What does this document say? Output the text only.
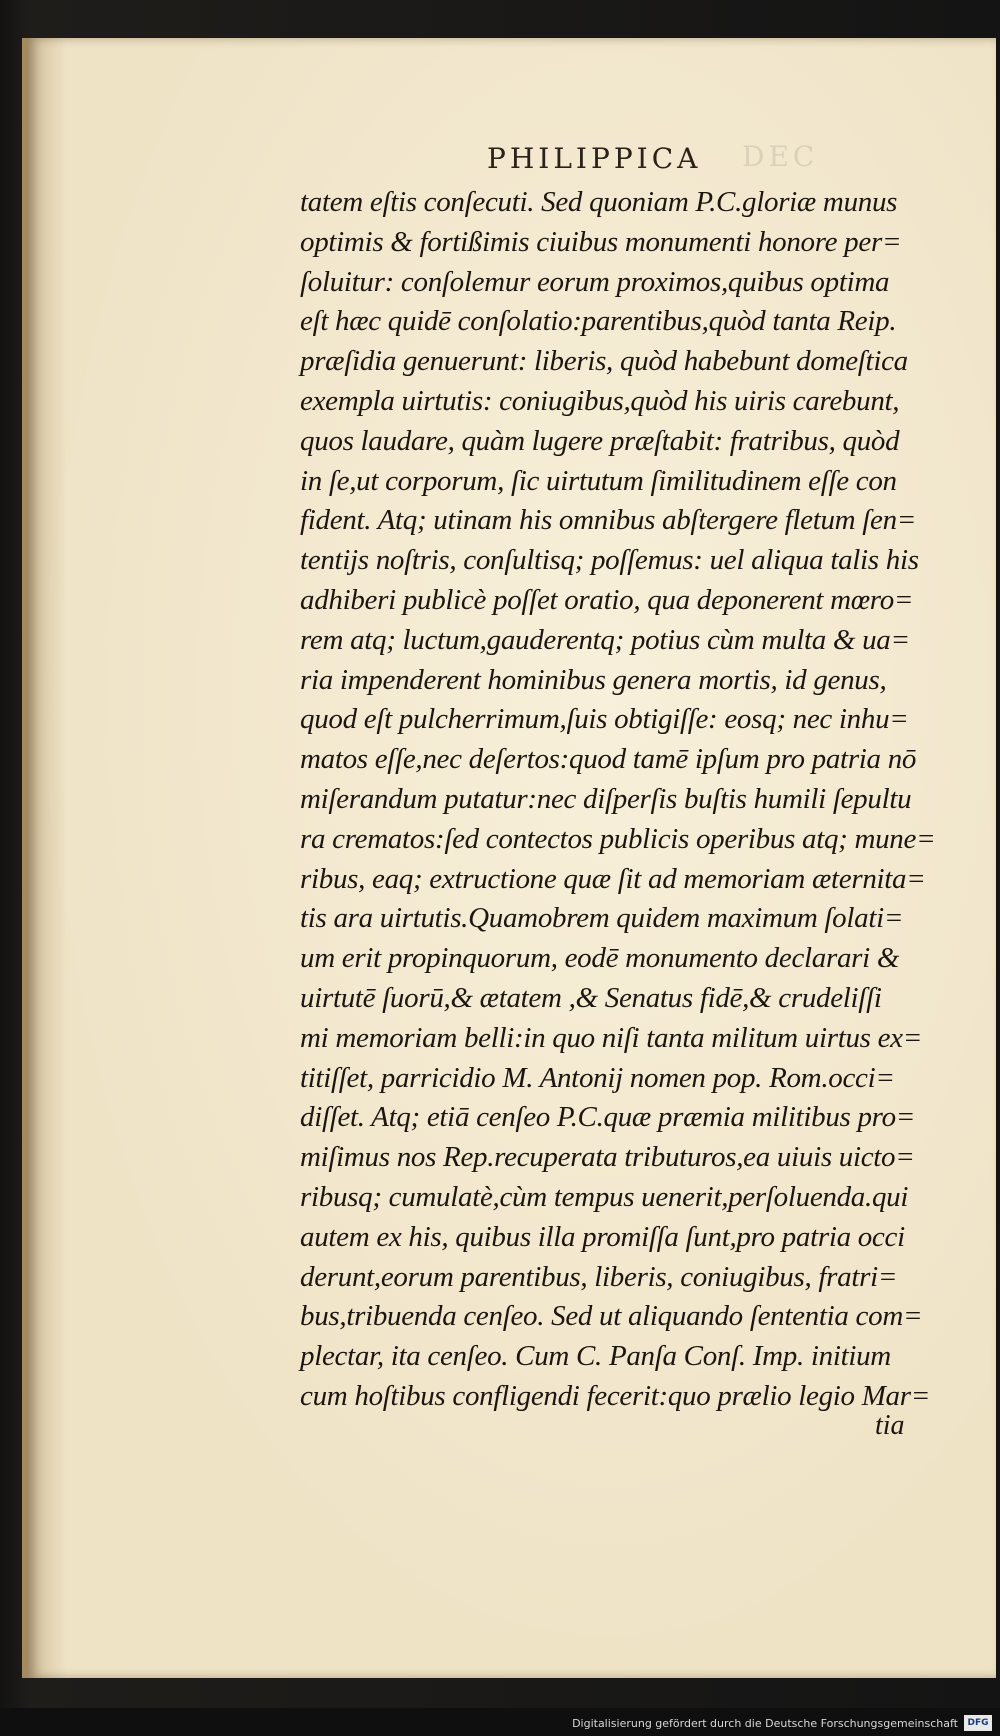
PHILIPPICA DEC
tatem eſtis conſecuti. Sed quoniam P.C.gloriæ munus
optimis & fortißimis ciuibus monumenti honore per=
ſoluitur: conſolemur eorum proximos,quibus optima
eſt hæc quidē conſolatio:parentibus,quòd tanta Reip.
præſidia genuerunt: liberis, quòd habebunt domeſtica
exempla uirtutis: coniugibus,quòd his uiris carebunt,
quos laudare, quàm lugere præſtabit: fratribus, quòd
in ſe,ut corporum, ſic uirtutum ſimilitudinem eſſe con
fident. Atq; utinam his omnibus abſtergere fletum ſen=
tentijs noſtris, conſultisq; poſſemus: uel aliqua talis his
adhiberi publicè poſſet oratio, qua deponerent mœro=
rem atq; luctum,gauderentq; potius cùm multa & ua=
ria impenderent hominibus genera mortis, id genus,
quod eſt pulcherrimum,ſuis obtigiſſe: eosq; nec inhu=
matos eſſe,nec deſertos:quod tamē ipſum pro patria nō
miſerandum putatur:nec diſperſis buſtis humili ſepultu
ra crematos:ſed contectos publicis operibus atq; mune=
ribus, eaq; extructione quæ ſit ad memoriam æternita=
tis ara uirtutis.Quamobrem quidem maximum ſolati=
um erit propinquorum, eodē monumento declarari &
uirtutē ſuorū,& ætatem ,& Senatus fidē,& crudeliſſi
mi memoriam belli:in quo niſi tanta militum uirtus ex=
titiſſet, parricidio M. Antonij nomen pop. Rom.occi=
diſſet. Atq; etiā cenſeo P.C.quæ præmia militibus pro=
miſimus nos Rep.recuperata tributuros,ea uiuis uicto=
ribusq; cumulatè,cùm tempus uenerit,perſoluenda.qui
autem ex his, quibus illa promiſſa ſunt,pro patria occi
derunt,eorum parentibus, liberis, coniugibus, fratri=
bus,tribuenda cenſeo. Sed ut aliquando ſententia com=
plectar, ita cenſeo. Cum C. Panſa Conſ. Imp. initium
cum hoſtibus confligendi fecerit:quo prælio legio Mar=
tia
Digitalisierung gefördert durch die Deutsche Forschungsgemeinschaft	DFG
